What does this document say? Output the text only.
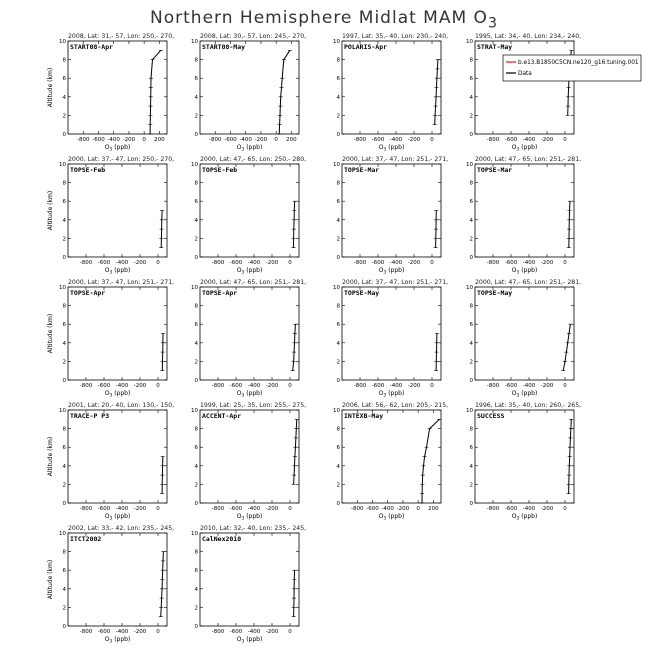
Northern Hemisphere Midlat MAM $O_3$
2008, Lat: 31,- 57, Lon: 250,- 270,
START08-Apr
0
2
4
6
8
10
-800 -600 -400 -200 0 200
$O_3$ (ppb)
Altitude (km)
2008, Lat: 30,- 57, Lon: 245,- 270,
START08-May
0
2
4
6
8
10
-800 -600 -400 -200 0 200
$O_3$ (ppb)
1997, Lat: 35,- 40, Lon: 230,- 240,
POLARIS-Apr
0
2
4
6
8
10
-800 -600 -400 -200 0
$O_3$ (ppb)
1995, Lat: 34,- 40, Lon: 234,- 240,
STRAT-May
0
2
4
6
8
10
-800 -600 -400 -200 0
$O_3$ (ppb)
2000, Lat: 37,- 47, Lon: 250,- 270,
TOPSE-Feb
0
2
4
6
8
10
-800 -600 -400 -200 0
$O_3$ (ppb)
Altitude (km)
2000, Lat: 47,- 65, Lon: 250,- 280,
TOPSE-Feb
0
2
4
6
8
10
-800 -600 -400 -200 0
$O_3$ (ppb)
2000, Lat: 37,- 47, Lon: 251,- 271,
TOPSE-Mar
0
2
4
6
8
10
-800 -600 -400 -200 0
$O_3$ (ppb)
2000, Lat: 47,- 65, Lon: 251,- 281,
TOPSE-Mar
0
2
4
6
8
10
-800 -600 -400 -200 0
$O_3$ (ppb)
2000, Lat: 37,- 47, Lon: 251,- 271,
TOPSE-Apr
0
2
4
6
8
10
-800 -600 -400 -200 0
$O_3$ (ppb)
Altitude (km)
2000, Lat: 47,- 65, Lon: 251,- 281,
TOPSE-Apr
0
2
4
6
8
10
-800 -600 -400 -200 0
$O_3$ (ppb)
2000, Lat: 37,- 47, Lon: 251,- 271,
TOPSE-May
0
2
4
6
8
10
-800 -600 -400 -200 0
$O_3$ (ppb)
2000, Lat: 47,- 65, Lon: 251,- 281,
TOPSE-May
0
2
4
6
8
10
-800 -600 -400 -200 0
$O_3$ (ppb)
2001, Lat: 20,- 40, Lon: 130,- 150,
TRACE-P P3
0
2
4
6
8
10
-800 -600 -400 -200 0
$O_3$ (ppb)
Altitude (km)
1999, Lat: 25,- 35, Lon: 255,- 275,
ACCENT-Apr
0
2
4
6
8
10
-800 -600 -400 -200 0
$O_3$ (ppb)
2006, Lat: 56,- 62, Lon: 205,- 215,
INTEXB-May
0
2
4
6
8
10
-800 -600 -400 -200 0 200
$O_3$ (ppb)
1996, Lat: 35,- 40, Lon: 260,- 265,
SUCCESS
0
2
4
6
8
10
-800 -600 -400 -200 0
$O_3$ (ppb)
2002, Lat: 33,- 42, Lon: 235,- 245,
ITCT2002
0
2
4
6
8
10
-800 -600 -400 -200 0
$O_3$ (ppb)
Altitude (km)
2010, Lat: 32,- 40, Lon: 235,- 245,
CalNex2010
0
2
4
6
8
10
-800 -600 -400 -200 0
$O_3$ (ppb)
b.e13.B1850C5CN.ne120_g16.tuning.001
Data
